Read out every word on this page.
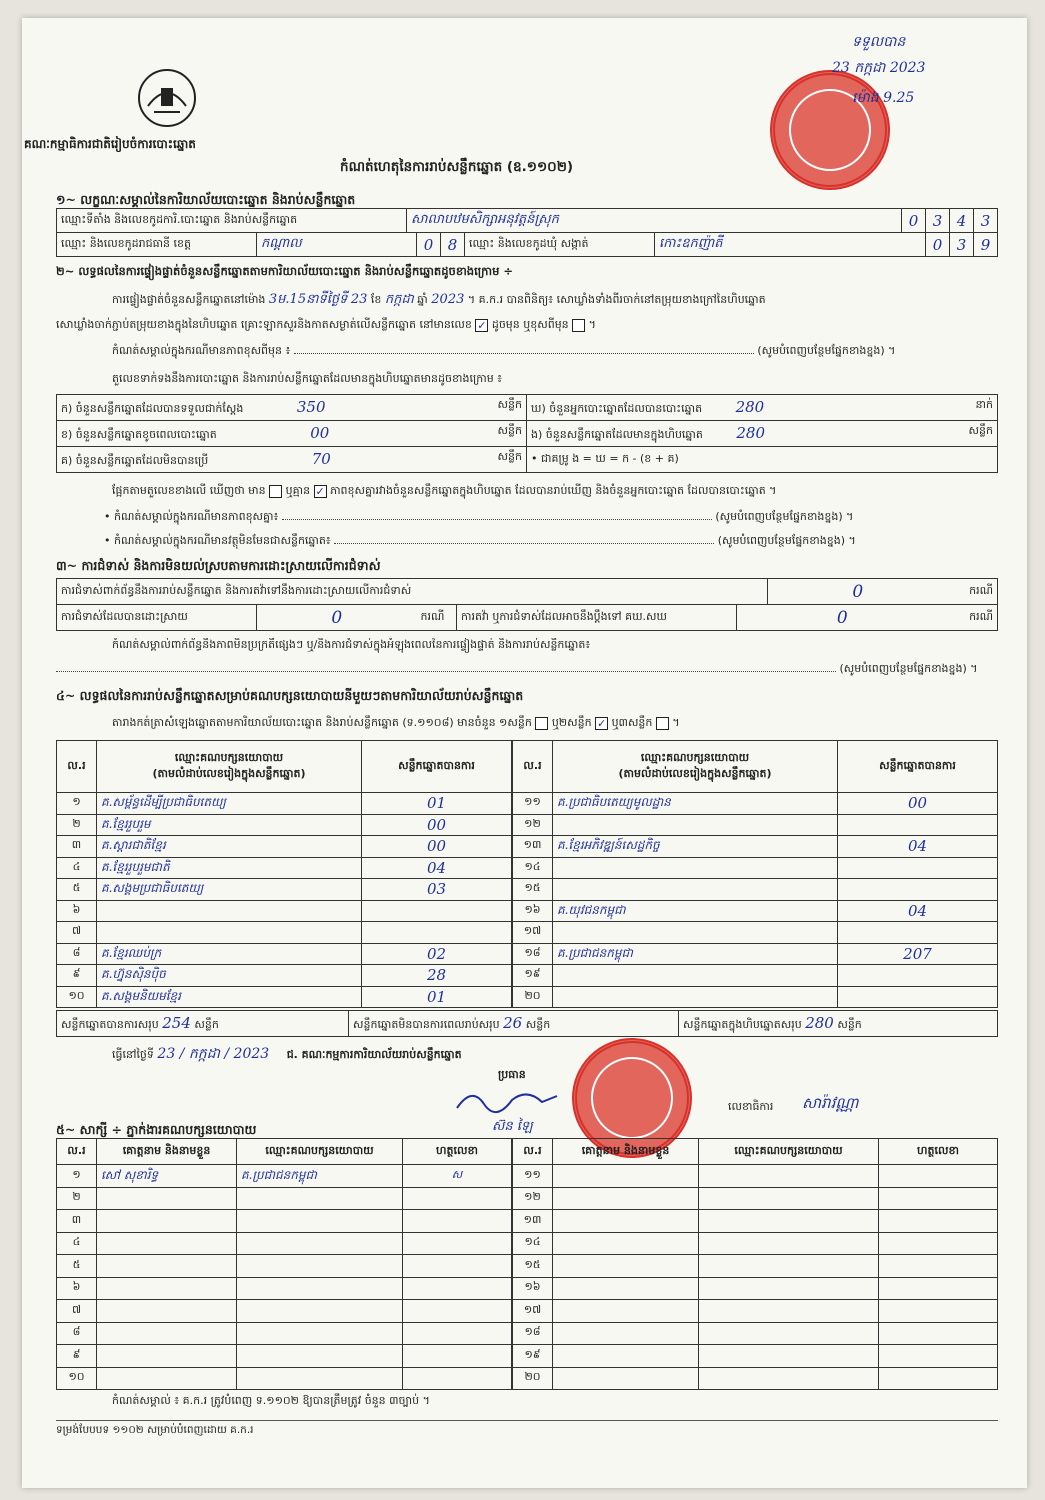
គណៈកម្មាធិការជាតិរៀបចំការបោះឆ្នោត
ទទួលបាន
23 កក្កដា 2023
ម៉ោង 9.25
កំណត់ហេតុនៃការរាប់សន្លឹកឆ្នោត (ឧ.១១០២)
១~ លក្ខណៈសម្គាល់នៃការិយាល័យបោះឆ្នោត និងរាប់សន្លឹកឆ្នោត
ឈ្មោះទីតាំង និងលេខកូដការិ.បោះឆ្នោត និងរាប់សន្លឹកឆ្នោត	សាលាបឋមសិក្សាអនុវត្តន៍ស្រុក	0	3	4	3
ឈ្មោះ និងលេខកូដរាជធានី ខេត្ត	កណ្ដាល	0	8	ឈ្មោះ និងលេខកូដឃុំ សង្កាត់	កោះឧកញ៉ាតី	0	3	9
២~ លទ្ធផលនៃការផ្ទៀងផ្ទាត់ចំនួនសន្លឹកឆ្នោតតាមការិយាល័យបោះឆ្នោត និងរាប់សន្លឹកឆ្នោតដូចខាងក្រោម ÷
ការផ្ទៀងផ្ទាត់ចំនួនសន្លឹកឆ្នោតនៅម៉ោង 3ម.15នាទីថ្ងៃទី 23 ខែ កក្កដា ឆ្នាំ 2023 ។ គ.ក.រ បានពិនិត្យ៖ សោឃ្លាំងទាំងពីរចាក់នៅតម្រុយខាងក្រៅនៃហិបឆ្នោត
សោឃ្លាំងចាក់ភ្ជាប់តម្រុយខាងក្នុងនៃហិបឆ្នោត គ្រោះឡាកសួរនិងកាតសម្ងាត់លើសន្លឹកឆ្នោត នៅមានលេខ ✓ ដូចមុន ឬខុសពីមុន  ។
កំណត់សម្គាល់ក្នុងករណីមានភាពខុសពីមុន ៖	(សូមបំពេញបន្ថែមផ្នែកខាងខ្នង) ។
តួលេខទាក់ទងនឹងការបោះឆ្នោត និងការរាប់សន្លឹកឆ្នោតដែលមានក្នុងហិបឆ្នោតមានដូចខាងក្រោម ៖
ក) ចំនួនសន្លឹកឆ្នោតដែលបានទទួលជាក់ស្ដែង 350 សន្លឹក	ឃ) ចំនួនអ្នកបោះឆ្នោតដែលបានបោះឆ្នោត 280 នាក់

ខ) ចំនួនសន្លឹកឆ្នោតខូចពេលបោះឆ្នោត 00 សន្លឹក	ង) ចំនួនសន្លឹកឆ្នោតដែលមានក្នុងហិបឆ្នោត 280 សន្លឹក

គ) ចំនួនសន្លឹកឆ្នោតដែលមិនបានប្រើ 70 សន្លឹក	• ជាគម្រូ ង = ឃ = ក - (ខ + គ)
ផ្អែកតាមតួលេខខាងលើ ឃើញថា មាន ឬគ្មាន ✓ ភាពខុសគ្នារវាងចំនួនសន្លឹកឆ្នោតក្នុងហិបឆ្នោត ដែលបានរាប់ឃើញ និងចំនួនអ្នកបោះឆ្នោត ដែលបានបោះឆ្នោត ។
• កំណត់សម្គាល់ក្នុងករណីមានភាពខុសគ្នា៖	(សូមបំពេញបន្ថែមផ្នែកខាងខ្នង) ។
• កំណត់សម្គាល់ក្នុងករណីមានវត្ថុមិនមែនជាសន្លឹកឆ្នោត៖	(សូមបំពេញបន្ថែមផ្នែកខាងខ្នង) ។
៣~ ការជំទាស់ និងការមិនយល់ស្របតាមការដោះស្រាយលើការជំទាស់
ការជំទាស់ពាក់ព័ន្ធនឹងការរាប់សន្លឹកឆ្នោត និងការតវ៉ាទៅនឹងការដោះស្រាយលើការជំទាស់	0	ករណី
ការជំទាស់ដែលបានដោះស្រាយ	0	ករណី	ការតវ៉ា ឬការជំទាស់ដែលអាចនឹងប្ដឹងទៅ គឃ.សឃ	0	ករណី
កំណត់សម្គាល់ពាក់ព័ន្ធនឹងភាពមិនប្រក្រតីផ្សេងៗ ឬ/និងការជំទាស់ក្នុងអំឡុងពេលនៃការផ្ទៀងផ្ទាត់ និងការរាប់សន្លឹកឆ្នោត៖
(សូមបំពេញបន្ថែមផ្នែកខាងខ្នង) ។
៤~ លទ្ធផលនៃការរាប់សន្លឹកឆ្នោតសម្រាប់គណបក្សនយោបាយនីមួយៗតាមការិយាល័យរាប់សន្លឹកឆ្នោត
តារាងកត់ត្រាសំឡេងឆ្នោតតាមការិយាល័យបោះឆ្នោត និងរាប់សន្លឹកឆ្នោត (ទ.១១០៨) មានចំនួន ១សន្លឹក ឬ២សន្លឹក ✓ ឬ៣សន្លឹក  ។
ល.រ	ឈ្មោះគណបក្សនយោបាយ
(តាមលំដាប់លេខរៀងក្នុងសន្លឹកឆ្នោត)	សន្លឹកឆ្នោតបានការ
១	គ.សម្ព័ន្ធដើម្បីប្រជាធិបតេយ្យ	01
២	គ.ខ្មែររួបរួម	00
៣	គ.ស្ដារជាតិខ្មែរ	00
៤	គ.ខ្មែររួបរួមជាតិ	04
៥	គ.សង្គមប្រជាធិបតេយ្យ	03
៦		
៧		
៨	គ.ខ្មែរឈប់ក្រ	02
៩	គ.ហ្វ៊ុនស៊ិនប៉ិច	28
១០	គ.សង្គមនិយមខ្មែរ	01
ល.រ	ឈ្មោះគណបក្សនយោបាយ
(តាមលំដាប់លេខរៀងក្នុងសន្លឹកឆ្នោត)	សន្លឹកឆ្នោតបានការ
១១	គ.ប្រជាធិបតេយ្យមូលដ្ឋាន	00
១២		
១៣	គ.ខ្មែរអភិវឌ្ឍន៍សេដ្ឋកិច្ច	04
១៤		
១៥		
១៦	គ.យុវជនកម្ពុជា	04
១៧		
១៨	គ.ប្រជាជនកម្ពុជា	207
១៩		
២០		
សន្លឹកឆ្នោតបានការសរុប 254 សន្លឹក	សន្លឹកឆ្នោតមិនបានការពេលរាប់សរុប 26 សន្លឹក	សន្លឹកឆ្នោតក្នុងហិបឆ្នោតសរុប 280 សន្លឹក
ធ្វើនៅថ្ងៃទី 23 / កក្កដា / 2023 ជ. គណៈកម្មការការិយាល័យរាប់សន្លឹកឆ្នោត
ប្រធាន
ស៊ន ឡៃ
លេខាធិការ សារ៉ាវណ្ណា
៥~ សាក្សី ÷ ភ្នាក់ងារគណបក្សនយោបាយ
ល.រ	គោត្តនាម និងនាមខ្លួន	ឈ្មោះគណបក្សនយោបាយ	ហត្ថលេខា
១	សៅ សុខារិទ្ធ	គ.ប្រជាជនកម្ពុជា	ស
២			
៣			
៤			
៥			
៦			
៧			
៨			
៩			
១០			
ល.រ	គោត្តនាម និងនាមខ្លួន	ឈ្មោះគណបក្សនយោបាយ	ហត្ថលេខា
១១			
១២			
១៣			
១៤			
១៥			
១៦			
១៧			
១៨			
១៩			
២០			
កំណត់សម្គាល់ ៖ គ.ក.រ ត្រូវបំពេញ ទ.១១០២ ឱ្យបានត្រឹមត្រូវ ចំនួន ៣ច្បាប់ ។
ទម្រង់បែបបទ ១១០២ សម្រាប់បំពេញដោយ គ.ក.រ
